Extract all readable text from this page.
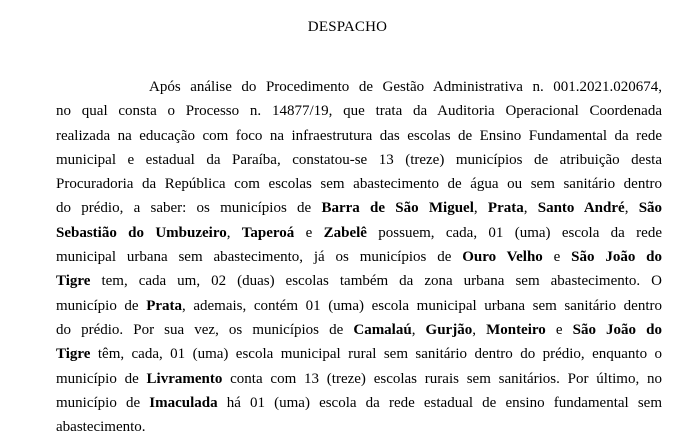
DESPACHO
Após análise do Procedimento de Gestão Administrativa n. 001.2021.020674,
no qual consta o Processo n. 14877/19, que trata da Auditoria Operacional Coordenada
realizada na educação com foco na infraestrutura das escolas de Ensino Fundamental da rede
municipal e estadual da Paraíba, constatou-se 13 (treze) municípios de atribuição desta
Procuradoria da República com escolas sem abastecimento de água ou sem sanitário dentro
do prédio, a saber: os municípios de Barra de São Miguel, Prata, Santo André, São
Sebastião do Umbuzeiro, Taperoá e Zabelê possuem, cada, 01 (uma) escola da rede
municipal urbana sem abastecimento, já os municípios de Ouro Velho e São João do
Tigre tem, cada um, 02 (duas) escolas também da zona urbana sem abastecimento. O
município de Prata, ademais, contém 01 (uma) escola municipal urbana sem sanitário dentro
do prédio. Por sua vez, os municípios de Camalaú, Gurjão, Monteiro e São João do
Tigre têm, cada, 01 (uma) escola municipal rural sem sanitário dentro do prédio, enquanto o
município de Livramento conta com 13 (treze) escolas rurais sem sanitários. Por último, no
município de Imaculada há 01 (uma) escola da rede estadual de ensino fundamental sem
abastecimento.
